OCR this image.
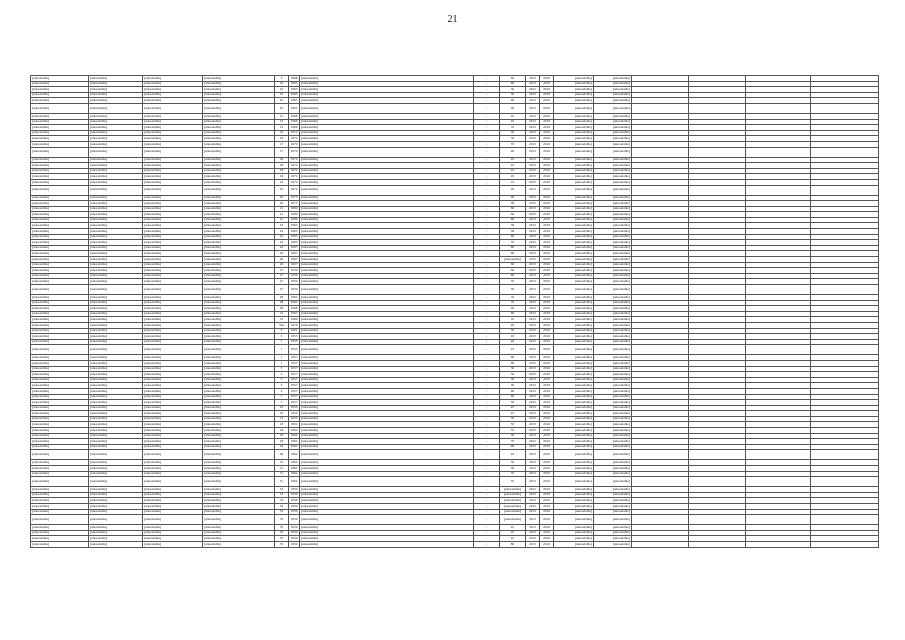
21
[unreadable]	[unreadable]	[unreadable]	[unreadable]	3	1968	[unreadable]	-	60	2015	2016	[unreadable]	[unreadable]				
[unreadable]	[unreadable]	[unreadable]	[unreadable]	10	1965	[unreadable]	-	60	2015	2016	[unreadable]	[unreadable]				
[unreadable]	[unreadable]	[unreadable]	[unreadable]	10	1965	[unreadable]	-	30	2015	2016	[unreadable]	[unreadable]				
[unreadable]	[unreadable]	[unreadable]	[unreadable]	10	1965	[unreadable]	-	30	2015	2016	[unreadable]	[unreadable]				
[unreadable]	[unreadable]	[unreadable]	[unreadable]	10	1965	[unreadable]	-	60	2015	2016	[unreadable]	[unreadable]				
[unreadable]	[unreadable]	[unreadable]	[unreadable]	10	1965	[unreadable]	-	40	2015	2016	[unreadable]	[unreadable]				
[unreadable]	[unreadable]	[unreadable]	[unreadable]	12	1966	[unreadable]	-	45	2015	2016	[unreadable]	[unreadable]				
[unreadable]	[unreadable]	[unreadable]	[unreadable]	12	1966	[unreadable]	-	45	2015	2016	[unreadable]	[unreadable]				
[unreadable]	[unreadable]	[unreadable]	[unreadable]	12	1966	[unreadable]	-	70	2015	2016	[unreadable]	[unreadable]				
[unreadable]	[unreadable]	[unreadable]	[unreadable]	16	1972	[unreadable]	-	30	2015	2016	[unreadable]	[unreadable]				
[unreadable]	[unreadable]	[unreadable]	[unreadable]	16	1972	[unreadable]	-	30	2015	2016	[unreadable]	[unreadable]				
[unreadable]	[unreadable]	[unreadable]	[unreadable]	17	1970	[unreadable]	-	70	2015	2016	[unreadable]	[unreadable]				
[unreadable]	[unreadable]	[unreadable]	[unreadable]	17	1970	[unreadable]	-	40	2015	2016	[unreadable]	[unreadable]				
[unreadable]	[unreadable]	[unreadable]	[unreadable]	18	1972	[unreadable]	-	45	2015	2016	[unreadable]	[unreadable]				
[unreadable]	[unreadable]	[unreadable]	[unreadable]	18	1972	[unreadable]	-	45	2015	2016	[unreadable]	[unreadable]				
[unreadable]	[unreadable]	[unreadable]	[unreadable]	18	1972	[unreadable]	-	45	2015	2016	[unreadable]	[unreadable]				
[unreadable]	[unreadable]	[unreadable]	[unreadable]	19	1972	[unreadable]	-	45	2015	2016	[unreadable]	[unreadable]				
[unreadable]	[unreadable]	[unreadable]	[unreadable]	19	1972	[unreadable]	-	45	2015	2016	[unreadable]	[unreadable]				
[unreadable]	[unreadable]	[unreadable]	[unreadable]	19	1972	[unreadable]	-	20	2015	2016	[unreadable]	[unreadable]				
[unreadable]	[unreadable]	[unreadable]	[unreadable]	20	1975	[unreadable]	-	48	2015	2016	[unreadable]	[unreadable]				
[unreadable]	[unreadable]	[unreadable]	[unreadable]	20	1975	[unreadable]	-	48	2015	2016	[unreadable]	[unreadable]				
[unreadable]	[unreadable]	[unreadable]	[unreadable]	21	1969	[unreadable]	-	60	2015	2016	[unreadable]	[unreadable]				
[unreadable]	[unreadable]	[unreadable]	[unreadable]	21	1969	[unreadable]	-	60	2015	2016	[unreadable]	[unreadable]				
[unreadable]	[unreadable]	[unreadable]	[unreadable]	21	1969	[unreadable]	-	60	2015	2016	[unreadable]	[unreadable]				
[unreadable]	[unreadable]	[unreadable]	[unreadable]	22	1965	[unreadable]	-	36	2015	2016	[unreadable]	[unreadable]				
[unreadable]	[unreadable]	[unreadable]	[unreadable]	22	1965	[unreadable]	-	36	2015	2016	[unreadable]	[unreadable]				
[unreadable]	[unreadable]	[unreadable]	[unreadable]	22	1965	[unreadable]	-	60	2015	2016	[unreadable]	[unreadable]				
[unreadable]	[unreadable]	[unreadable]	[unreadable]	22	1965	[unreadable]	-	70	2015	2016	[unreadable]	[unreadable]				
[unreadable]	[unreadable]	[unreadable]	[unreadable]	24	1967	[unreadable]	-	60	2015	2016	[unreadable]	[unreadable]				
[unreadable]	[unreadable]	[unreadable]	[unreadable]	24	1967	[unreadable]	-	60	2015	2016	[unreadable]	[unreadable]				
[unreadable]	[unreadable]	[unreadable]	[unreadable]	26	1967	[unreadable]	-	[unreadable]	2015	2016	[unreadable]	[unreadable]				
[unreadable]	[unreadable]	[unreadable]	[unreadable]	26	1967	[unreadable]	-	60	2015	2016	[unreadable]	[unreadable]				
[unreadable]	[unreadable]	[unreadable]	[unreadable]	27	1959	[unreadable]	-	60	2015	2016	[unreadable]	[unreadable]				
[unreadable]	[unreadable]	[unreadable]	[unreadable]	27	1959	[unreadable]	-	60	2015	2016	[unreadable]	[unreadable]				
[unreadable]	[unreadable]	[unreadable]	[unreadable]	27	1959	[unreadable]	-	70	2015	2016	[unreadable]	[unreadable]				
[unreadable]	[unreadable]	[unreadable]	[unreadable]	27	1959	[unreadable]	-	30	2015	2016	[unreadable]	[unreadable]				
[unreadable]	[unreadable]	[unreadable]	[unreadable]	28	1962	[unreadable]	-	70	2015	2016	[unreadable]	[unreadable]				
[unreadable]	[unreadable]	[unreadable]	[unreadable]	28	1962	[unreadable]	-	70	2015	2016	[unreadable]	[unreadable]				
[unreadable]	[unreadable]	[unreadable]	[unreadable]	29	1966	[unreadable]	-	40	2015	2016	[unreadable]	[unreadable]				
[unreadable]	[unreadable]	[unreadable]	[unreadable]	31	1967	[unreadable]	-	60	2015	2016	[unreadable]	[unreadable]				
[unreadable]	[unreadable]	[unreadable]	[unreadable]	33	1969	[unreadable]	-	35	2015	2016	[unreadable]	[unreadable]				
[unreadable]	[unreadable]	[unreadable]	[unreadable]	34a	1976	[unreadable]	-	20	2015	2016	[unreadable]	[unreadable]				
[unreadable]	[unreadable]	[unreadable]	[unreadable]	3	1961	[unreadable]	-	30	2015	2016	[unreadable]	[unreadable]				
[unreadable]	[unreadable]	[unreadable]	[unreadable]	3	1955	[unreadable]	-	45	2015	2016	[unreadable]	[unreadable]				
[unreadable]	[unreadable]	[unreadable]	[unreadable]	7	1955	[unreadable]	-	40	2015	2016	[unreadable]	[unreadable]				
[unreadable]	[unreadable]	[unreadable]	[unreadable]	7	1955	[unreadable]	-	25	2015	2016	[unreadable]	[unreadable]				
[unreadable]	[unreadable]	[unreadable]	[unreadable]	1	1957	[unreadable]	-	60	2015	2016	[unreadable]	[unreadable]				
[unreadable]	[unreadable]	[unreadable]	[unreadable]	1	1957	[unreadable]	-	60	2015	2016	[unreadable]	[unreadable]				
[unreadable]	[unreadable]	[unreadable]	[unreadable]	3	1957	[unreadable]	-	30	2015	2016	[unreadable]	[unreadable]				
[unreadable]	[unreadable]	[unreadable]	[unreadable]	3	1957	[unreadable]	-	30	2015	2016	[unreadable]	[unreadable]				
[unreadable]	[unreadable]	[unreadable]	[unreadable]	5	1957	[unreadable]	-	30	2015	2016	[unreadable]	[unreadable]				
[unreadable]	[unreadable]	[unreadable]	[unreadable]	5	1957	[unreadable]	-	30	2015	2016	[unreadable]	[unreadable]				
[unreadable]	[unreadable]	[unreadable]	[unreadable]	5	1957	[unreadable]	-	60	2015	2016	[unreadable]	[unreadable]				
[unreadable]	[unreadable]	[unreadable]	[unreadable]	7	1957	[unreadable]	-	60	2015	2016	[unreadable]	[unreadable]				
[unreadable]	[unreadable]	[unreadable]	[unreadable]	7	1957	[unreadable]	-	50	2015	2016	[unreadable]	[unreadable]				
[unreadable]	[unreadable]	[unreadable]	[unreadable]	10	1954	[unreadable]	-	25	2015	2016	[unreadable]	[unreadable]				
[unreadable]	[unreadable]	[unreadable]	[unreadable]	10	1954	[unreadable]	-	25	2015	2016	[unreadable]	[unreadable]				
[unreadable]	[unreadable]	[unreadable]	[unreadable]	13	1955	[unreadable]	-	30	2015	2016	[unreadable]	[unreadable]				
[unreadable]	[unreadable]	[unreadable]	[unreadable]	18	1962	[unreadable]	-	35	2015	2016	[unreadable]	[unreadable]				
[unreadable]	[unreadable]	[unreadable]	[unreadable]	18	1962	[unreadable]	-	35	2015	2016	[unreadable]	[unreadable]				
[unreadable]	[unreadable]	[unreadable]	[unreadable]	18	1962	[unreadable]	-	30	2015	2016	[unreadable]	[unreadable]				
[unreadable]	[unreadable]	[unreadable]	[unreadable]	18	1962	[unreadable]	-	70	2015	2016	[unreadable]	[unreadable]				
[unreadable]	[unreadable]	[unreadable]	[unreadable]	19	1962	[unreadable]	-	90	2015	2016	[unreadable]	[unreadable]				
[unreadable]	[unreadable]	[unreadable]	[unreadable]	49	1962	[unreadable]	-	24	2015	2016	[unreadable]	[unreadable]				
[unreadable]	[unreadable]	[unreadable]	[unreadable]	51	1962	[unreadable]	-	30	2015	2016	[unreadable]	[unreadable]				
[unreadable]	[unreadable]	[unreadable]	[unreadable]	51	1962	[unreadable]	-	30	2015	2016	[unreadable]	[unreadable]				
[unreadable]	[unreadable]	[unreadable]	[unreadable]	51	1962	[unreadable]	-	70	2015	2016	[unreadable]	[unreadable]				
[unreadable]	[unreadable]	[unreadable]	[unreadable]	51	1962	[unreadable]	-	35	2015	2016	[unreadable]	[unreadable]				
[unreadable]	[unreadable]	[unreadable]	[unreadable]	53	1959	[unreadable]	-	[unreadable]	2015	2016	[unreadable]	[unreadable]				
[unreadable]	[unreadable]	[unreadable]	[unreadable]	53	1959	[unreadable]	-	[unreadable]	2015	2016	[unreadable]	[unreadable]				
[unreadable]	[unreadable]	[unreadable]	[unreadable]	53	1959	[unreadable]	-	[unreadable]	2015	2016	[unreadable]	[unreadable]				
[unreadable]	[unreadable]	[unreadable]	[unreadable]	53	1959	[unreadable]	-	[unreadable]	2015	2016	[unreadable]	[unreadable]				
[unreadable]	[unreadable]	[unreadable]	[unreadable]	53	1959	[unreadable]	-	[unreadable]	2015	2016	[unreadable]	[unreadable]				
[unreadable]	[unreadable]	[unreadable]	[unreadable]	53	1959	[unreadable]	-	[unreadable]	2015	2016	[unreadable]	[unreadable]				
[unreadable]	[unreadable]	[unreadable]	[unreadable]	55	1959	[unreadable]	-	45	2015	2016	[unreadable]	[unreadable]				
[unreadable]	[unreadable]	[unreadable]	[unreadable]	55	1959	[unreadable]	-	45	2015	2016	[unreadable]	[unreadable]				
[unreadable]	[unreadable]	[unreadable]	[unreadable]	55	1959	[unreadable]	-	45	2015	2016	[unreadable]	[unreadable]				
[unreadable]	[unreadable]	[unreadable]	[unreadable]	55	1959	[unreadable]	-	80	2015	2016	[unreadable]	[unreadable]				
